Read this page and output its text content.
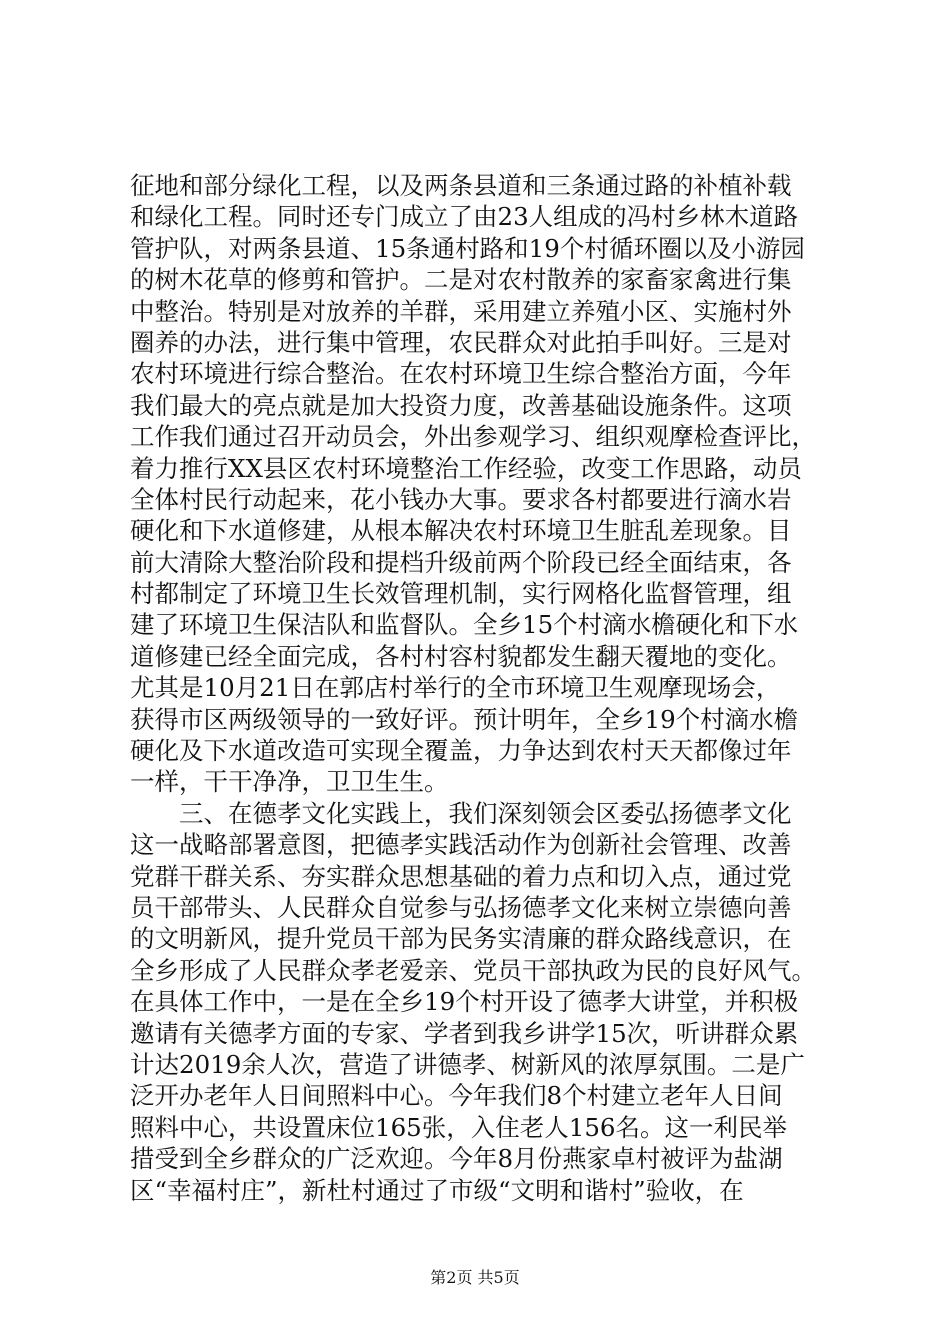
征地和部分绿化工程，以及两条县道和三条通过路的补植补载
和绿化工程。同时还专门成立了由23人组成的冯村乡林木道路
管护队，对两条县道、15条通村路和19个村循环圈以及小游园
的树木花草的修剪和管护。二是对农村散养的家畜家禽进行集
中整治。特别是对放养的羊群，采用建立养殖小区、实施村外
圈养的办法，进行集中管理，农民群众对此拍手叫好。三是对
农村环境进行综合整治。在农村环境卫生综合整治方面，今年
我们最大的亮点就是加大投资力度，改善基础设施条件。这项
工作我们通过召开动员会，外出参观学习、组织观摩检查评比，
着力推行XX县区农村环境整治工作经验，改变工作思路，动员
全体村民行动起来，花小钱办大事。要求各村都要进行滴水岩
硬化和下水道修建，从根本解决农村环境卫生脏乱差现象。目
前大清除大整治阶段和提档升级前两个阶段已经全面结束，各
村都制定了环境卫生长效管理机制，实行网格化监督管理，组
建了环境卫生保洁队和监督队。全乡15个村滴水檐硬化和下水
道修建已经全面完成，各村村容村貌都发生翻天覆地的变化。
尤其是10月21日在郭店村举行的全市环境卫生观摩现场会，
获得市区两级领导的一致好评。预计明年，全乡19个村滴水檐
硬化及下水道改造可实现全覆盖，力争达到农村天天都像过年
一样，干干净净，卫卫生生。
　　三、在德孝文化实践上，我们深刻领会区委弘扬德孝文化
这一战略部署意图，把德孝实践活动作为创新社会管理、改善
党群干群关系、夯实群众思想基础的着力点和切入点，通过党
员干部带头、人民群众自觉参与弘扬德孝文化来树立崇德向善
的文明新风，提升党员干部为民务实清廉的群众路线意识，在
全乡形成了人民群众孝老爱亲、党员干部执政为民的良好风气。
在具体工作中，一是在全乡19个村开设了德孝大讲堂，并积极
邀请有关德孝方面的专家、学者到我乡讲学15次，听讲群众累
计达2019余人次，营造了讲德孝、树新风的浓厚氛围。二是广
泛开办老年人日间照料中心。今年我们8个村建立老年人日间
照料中心，共设置床位165张，入住老人156名。这一利民举
措受到全乡群众的广泛欢迎。今年8月份燕家卓村被评为盐湖
区“幸福村庄”，新杜村通过了市级“文明和谐村”验收，在
第2页 共5页
